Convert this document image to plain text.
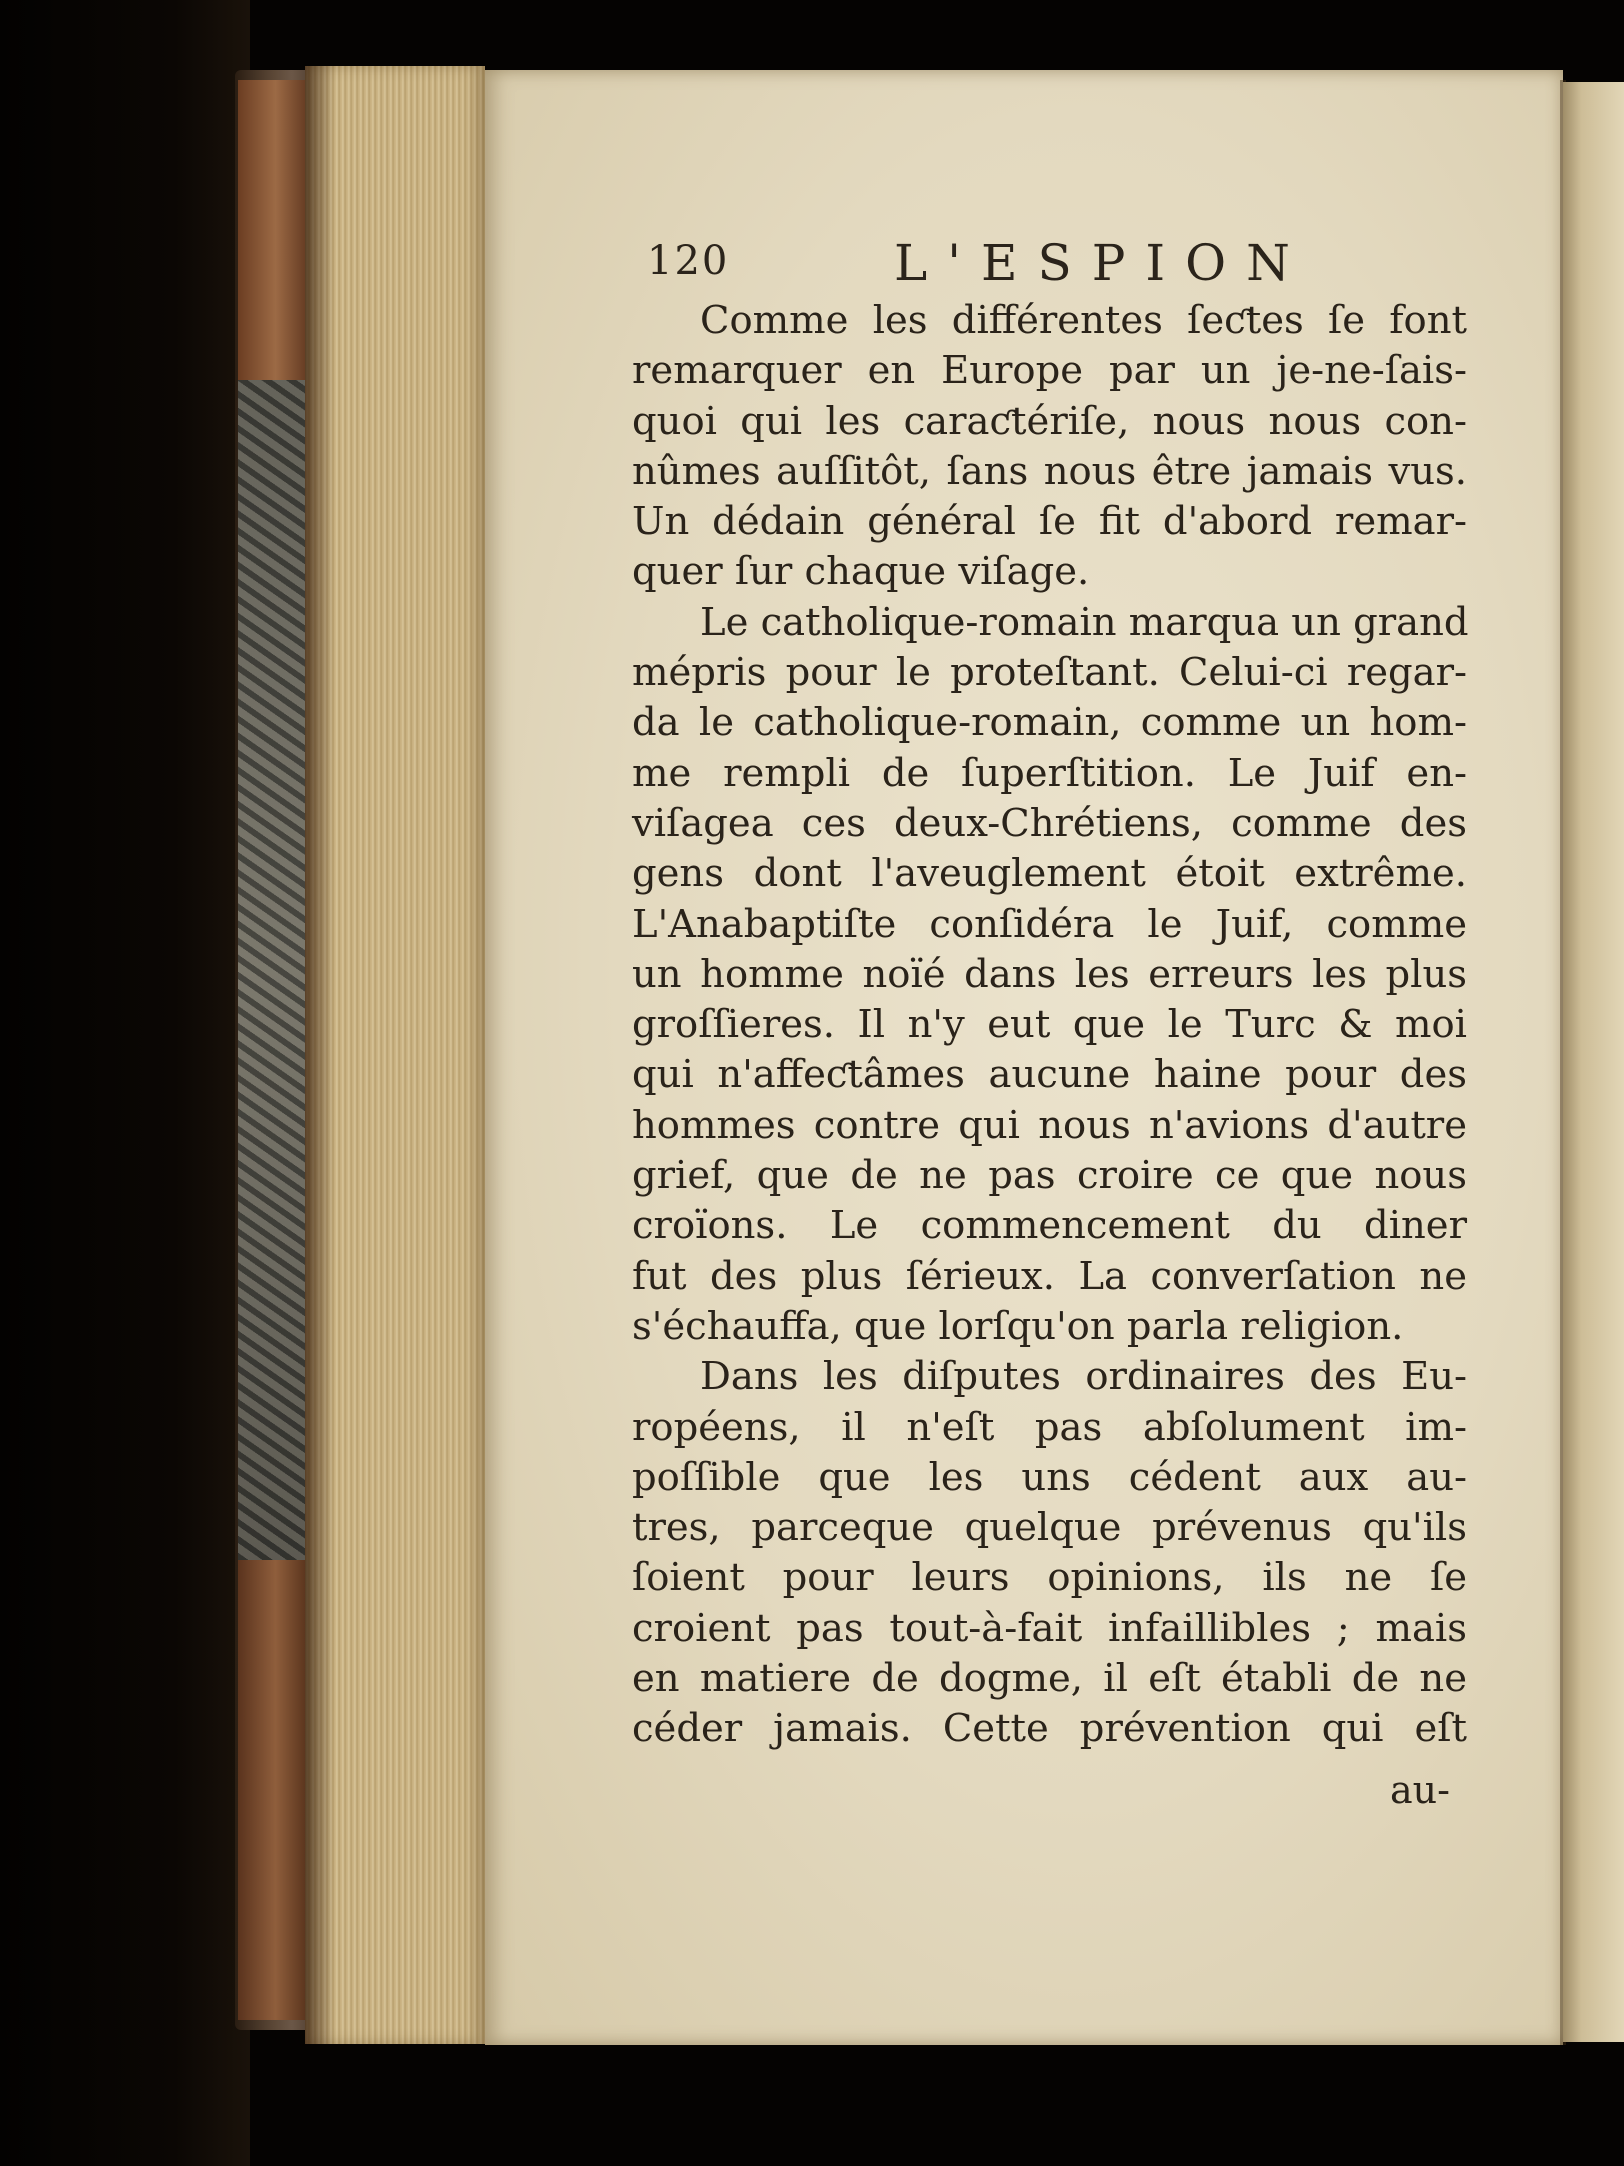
120	L'ESPION
Comme les différentes ſeƈtes ſe font
remarquer en Europe par un je-ne-ſais-
quoi qui les caraƈtériſe, nous nous con-
nûmes auſſitôt, ſans nous être jamais vus.
Un dédain général ſe fit d'abord remar-
quer ſur chaque viſage.
Le catholique-romain marqua un grand
mépris pour le proteſtant. Celui-ci regar-
da le catholique-romain, comme un hom-
me rempli de ſuperſtition. Le Juif en-
viſagea ces deux-Chrétiens, comme des
gens dont l'aveuglement étoit extrême.
L'Anabaptiſte conſidéra le Juif, comme
un homme noïé dans les erreurs les plus
groſſieres. Il n'y eut que le Turc & moi
qui n'affeƈtâmes aucune haine pour des
hommes contre qui nous n'avions d'autre
grief, que de ne pas croire ce que nous
croïons. Le commencement du diner
fut des plus ſérieux. La converſation ne
s'échauffa, que lorſqu'on parla religion.
Dans les diſputes ordinaires des Eu-
ropéens, il n'eſt pas abſolument im-
poſſible que les uns cédent aux au-
tres, parceque quelque prévenus qu'ils
ſoient pour leurs opinions, ils ne ſe
croient pas tout-à-fait infaillibles ; mais
en matiere de dogme, il eſt établi de ne
céder jamais. Cette prévention qui eſt
au-
